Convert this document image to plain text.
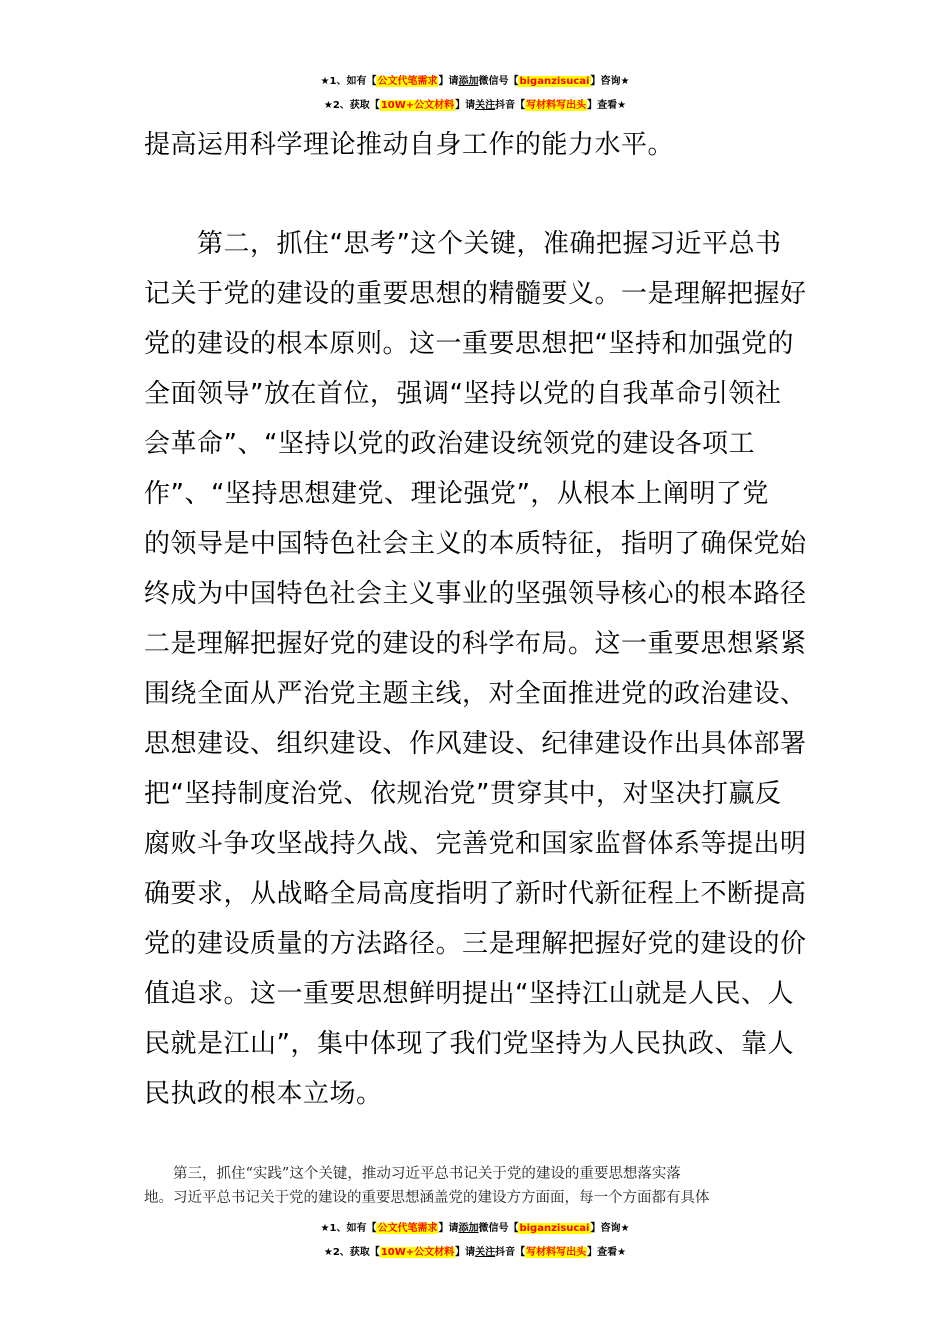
★1、如有【公文代笔需求】请添加微信号【biganzisucai】咨询★
★2、获取【10W+公文材料】请关注抖音【写材料写出头】查看★
提高运用科学理论推动自身工作的能力水平。
　　第二，抓住“思考”这个关键，准确把握习近平总书
记关于党的建设的重要思想的精髓要义。一是理解把握好
党的建设的根本原则。这一重要思想把“坚持和加强党的
全面领导”放在首位，强调“坚持以党的自我革命引领社
会革命”、“坚持以党的政治建设统领党的建设各项工
作”、“坚持思想建党、理论强党”，从根本上阐明了党
的领导是中国特色社会主义的本质特征，指明了确保党始
终成为中国特色社会主义事业的坚强领导核心的根本路径
二是理解把握好党的建设的科学布局。这一重要思想紧紧
围绕全面从严治党主题主线，对全面推进党的政治建设、
思想建设、组织建设、作风建设、纪律建设作出具体部署
把“坚持制度治党、依规治党”贯穿其中，对坚决打赢反
腐败斗争攻坚战持久战、完善党和国家监督体系等提出明
确要求，从战略全局高度指明了新时代新征程上不断提高
党的建设质量的方法路径。三是理解把握好党的建设的价
值追求。这一重要思想鲜明提出“坚持江山就是人民、人
民就是江山”，集中体现了我们党坚持为人民执政、靠人
民执政的根本立场。
　　第三，抓住“实践”这个关键，推动习近平总书记关于党的建设的重要思想落实落
地。习近平总书记关于党的建设的重要思想涵盖党的建设方方面面，每一个方面都有具体
★1、如有【公文代笔需求】请添加微信号【biganzisucai】咨询★
★2、获取【10W+公文材料】请关注抖音【写材料写出头】查看★
